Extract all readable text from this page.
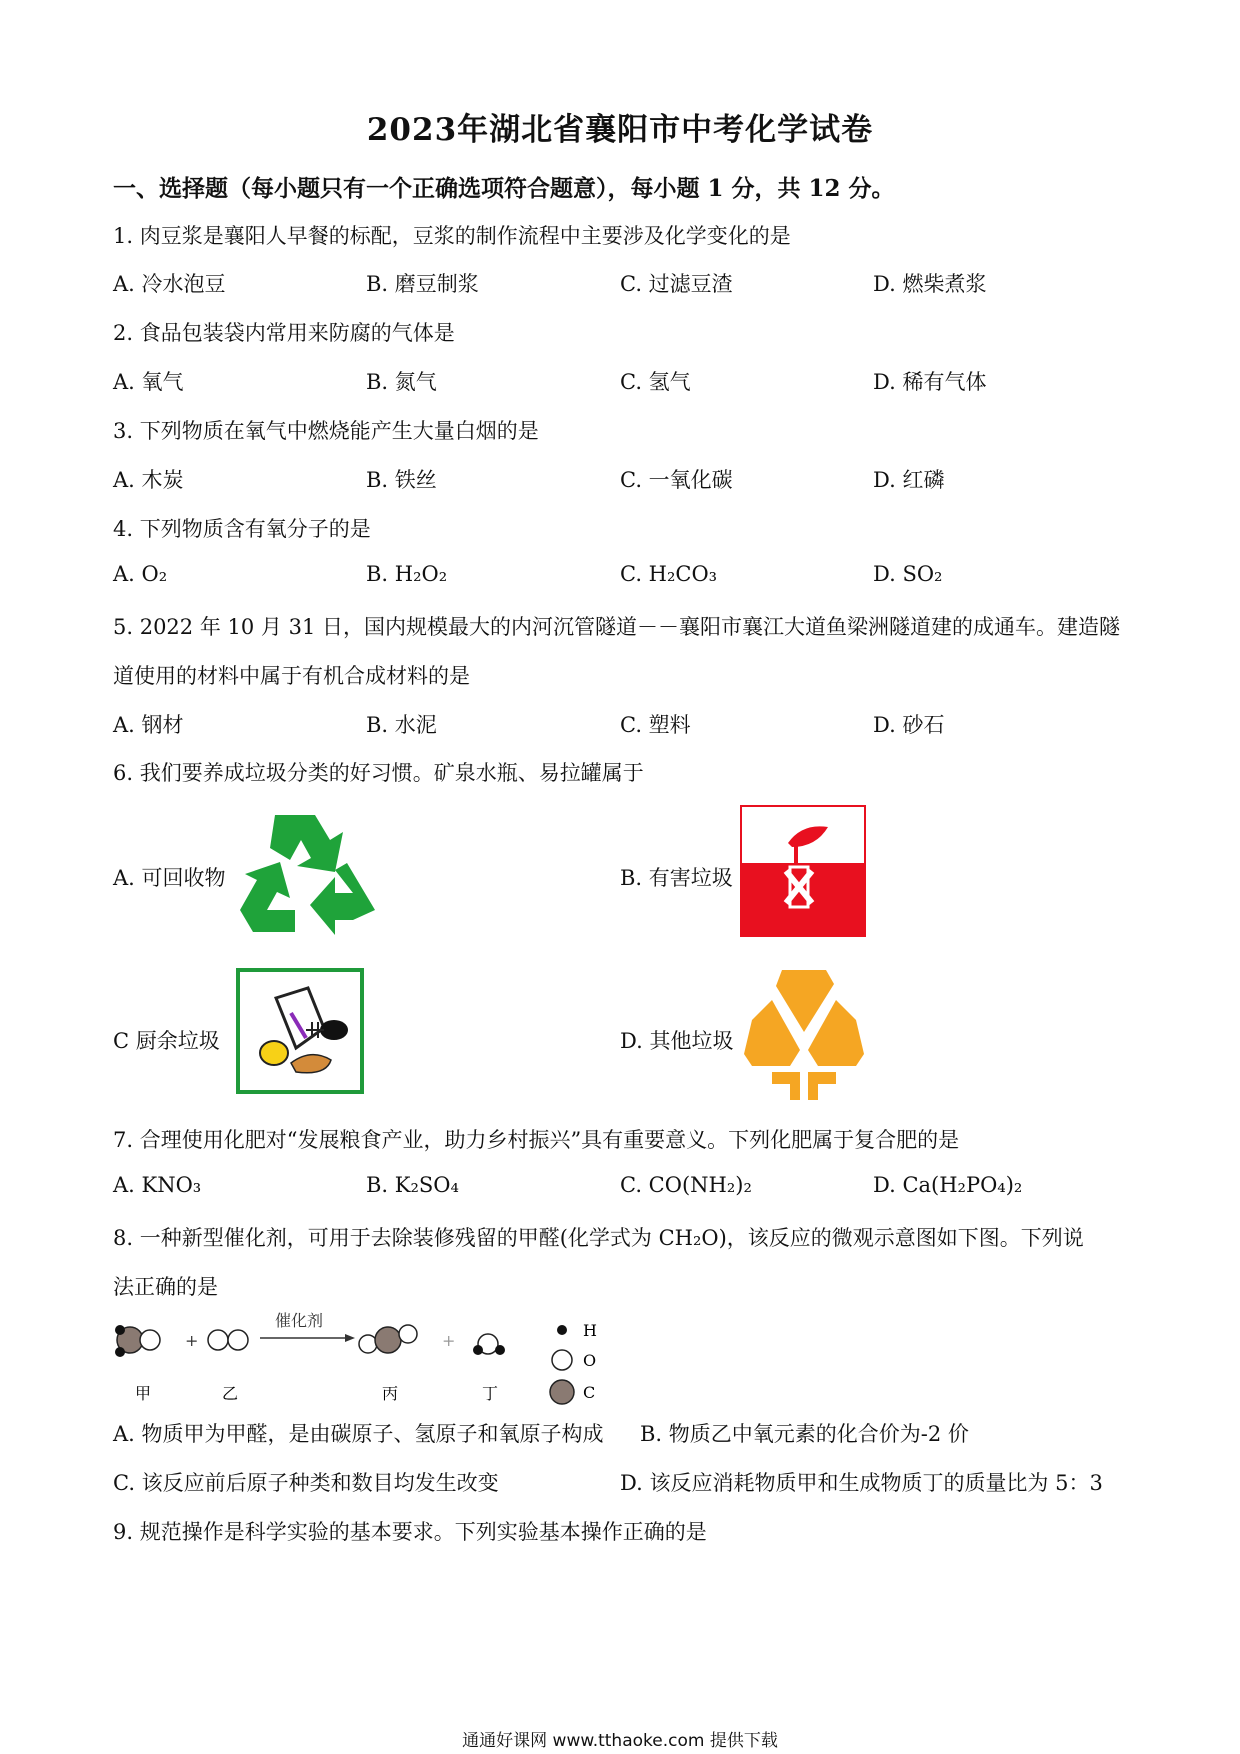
2023年湖北省襄阳市中考化学试卷
一、选择题（每小题只有一个正确选项符合题意），每小题 1 分，共 12 分。
1. 肉豆浆是襄阳人早餐的标配，豆浆的制作流程中主要涉及化学变化的是
A. 冷水泡豆	B. 磨豆制浆	C. 过滤豆渣	D. 燃柴煮浆
2. 食品包装袋内常用来防腐的气体是
A. 氧气	B. 氮气	C. 氢气	D. 稀有气体
3. 下列物质在氧气中燃烧能产生大量白烟的是
A. 木炭	B. 铁丝	C. 一氧化碳	D. 红磷
4. 下列物质含有氧分子的是
A. O₂	B. H₂O₂	C. H₂CO₃	D. SO₂
5. 2022 年 10 月 31 日，国内规模最大的内河沉管隧道－－襄阳市襄江大道鱼梁洲隧道建的成通车。建造隧
道使用的材料中属于有机合成材料的是
A. 钢材	B. 水泥	C. 塑料	D. 砂石
6. 我们要养成垃圾分类的好习惯。矿泉水瓶、易拉罐属于
A. 可回收物	B. 有害垃圾
C 厨余垃圾	D. 其他垃圾
7. 合理使用化肥对“发展粮食产业，助力乡村振兴”具有重要意义。下列化肥属于复合肥的是
A. KNO₃	B. K₂SO₄	C. CO(NH₂)₂	D. Ca(H₂PO₄)₂
8. 一种新型催化剂，可用于去除装修残留的甲醛(化学式为 CH₂O)，该反应的微观示意图如下图。下列说
法正确的是
+
催化剂
+
甲	乙	丙	丁
H
O
C
A. 物质甲为甲醛，是由碳原子、氢原子和氧原子构成 B. 物质乙中氧元素的化合价为-2 价
C. 该反应前后原子种类和数目均发生改变	D. 该反应消耗物质甲和生成物质丁的质量比为 5：3
9. 规范操作是科学实验的基本要求。下列实验基本操作正确的是
通通好课网 www.tthaoke.com 提供下载
